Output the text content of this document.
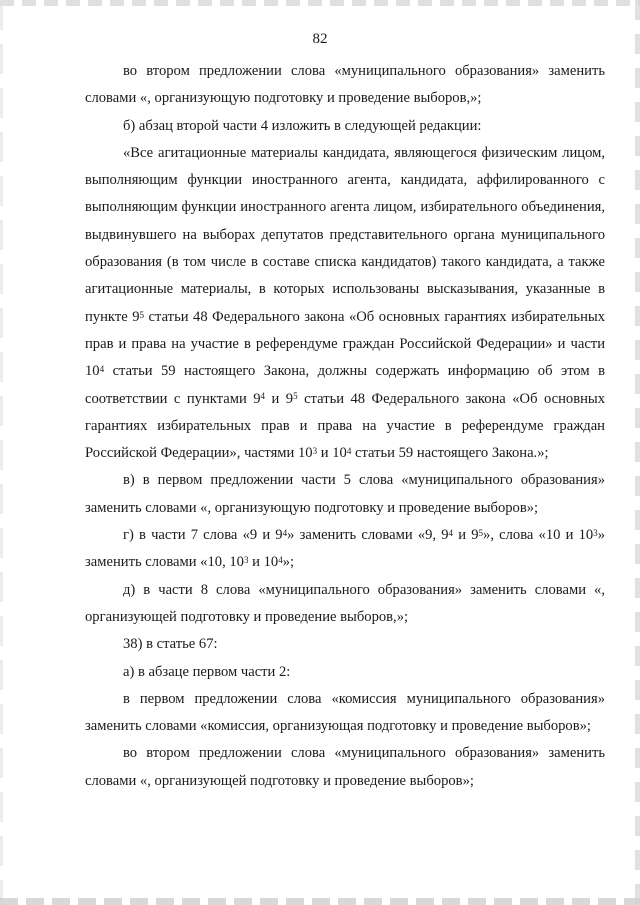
82

во втором предложении слова «муниципального образования» заменить словами «, организующую подготовку и проведение выборов,»;

б) абзац второй части 4 изложить в следующей редакции:

«Все агитационные материалы кандидата, являющегося физическим лицом, выполняющим функции иностранного агента, кандидата, аффилированного с выполняющим функции иностранного агента лицом, избирательного объединения, выдвинувшего на выборах депутатов представительного органа муниципального образования (в том числе в составе списка кандидатов) такого кандидата, а также агитационные материалы, в которых использованы высказывания, указанные в пункте $9^5$ статьи 48 Федерального закона «Об основных гарантиях избирательных прав и права на участие в референдуме граждан Российской Федерации» и части $10^4$ статьи 59 настоящего Закона, должны содержать информацию об этом в соответствии с пунктами $9^4$ и $9^5$ статьи 48 Федерального закона «Об основных гарантиях избирательных прав и права на участие в референдуме граждан Российской Федерации», частями $10^3$ и $10^4$ статьи 59 настоящего Закона.»;

в) в первом предложении части 5 слова «муниципального образования» заменить словами «, организующую подготовку и проведение выборов»;

г) в части 7 слова «9 и $9^4$» заменить словами «9, $9^4$ и $9^5$», слова «10 и $10^3$» заменить словами «10, $10^3$ и $10^4$»;

д) в части 8 слова «муниципального образования» заменить словами «, организующей подготовку и проведение выборов,»;

38) в статье 67:

а) в абзаце первом части 2:

в первом предложении слова «комиссия муниципального образования» заменить словами «комиссия, организующая подготовку и проведение выборов»;

во втором предложении слова «муниципального образования» заменить словами «, организующей подготовку и проведение выборов»;
